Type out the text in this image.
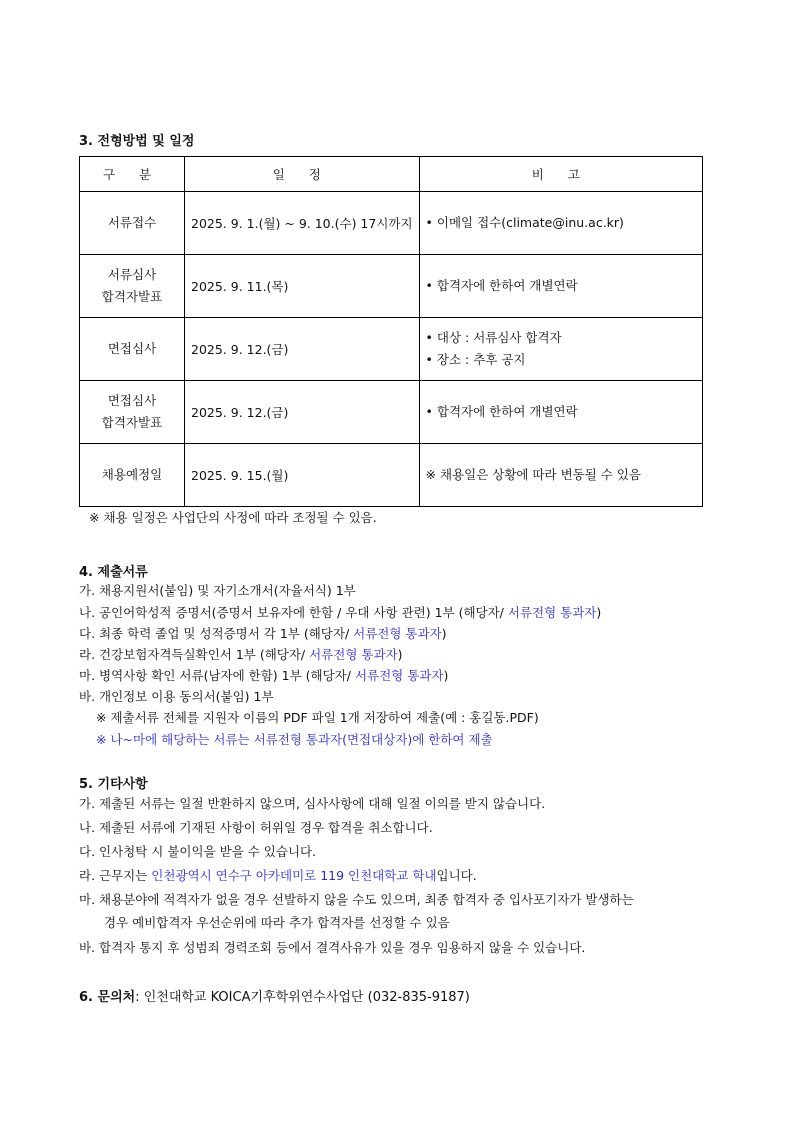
3. 전형방법 및 일정
구 분	일 정	비 고
서류접수	2025. 9. 1.(월) ~ 9. 10.(수) 17시까지	• 이메일 접수(climate@inu.ac.kr)

서류심사
합격자발표	2025. 9. 11.(목)	• 합격자에 한하여 개별연락

면접심사	2025. 9. 12.(금)	• 대상 : 서류심사 합격자
• 장소 : 추후 공지

면접심사
합격자발표	2025. 9. 12.(금)	• 합격자에 한하여 개별연락

채용예정일	2025. 9. 15.(월)	※ 채용일은 상황에 따라 변동될 수 있음
※ 채용 일정은 사업단의 사정에 따라 조정될 수 있음.
4. 제출서류
가. 채용지원서(붙임) 및 자기소개서(자율서식) 1부
나. 공인어학성적 증명서(증명서 보유자에 한함 / 우대 사항 관련) 1부 (해당자/ 서류전형 통과자)
다. 최종 학력 졸업 및 성적증명서 각 1부 (해당자/ 서류전형 통과자)
라. 건강보험자격득실확인서 1부 (해당자/ 서류전형 통과자)
마. 병역사항 확인 서류(남자에 한함) 1부 (해당자/ 서류전형 통과자)
바. 개인정보 이용 동의서(붙임) 1부
※ 제출서류 전체를 지원자 이름의 PDF 파일 1개 저장하여 제출(예 : 홍길동.PDF)
※ 나~마에 해당하는 서류는 서류전형 통과자(면접대상자)에 한하여 제출
5. 기타사항
가. 제출된 서류는 일절 반환하지 않으며, 심사사항에 대해 일절 이의를 받지 않습니다.
나. 제출된 서류에 기재된 사항이 허위일 경우 합격을 취소합니다.
다. 인사청탁 시 불이익을 받을 수 있습니다.
라. 근무지는 인천광역시 연수구 아카데미로 119 인천대학교 학내입니다.
마. 채용분야에 적격자가 없을 경우 선발하지 않을 수도 있으며, 최종 합격자 중 입사포기자가 발생하는
경우 예비합격자 우선순위에 따라 추가 합격자를 선정할 수 있음
바. 합격자 통지 후 성범죄 경력조회 등에서 결격사유가 있을 경우 임용하지 않을 수 있습니다.
6. 문의처: 인천대학교 KOICA기후학위연수사업단 (032-835-9187)
